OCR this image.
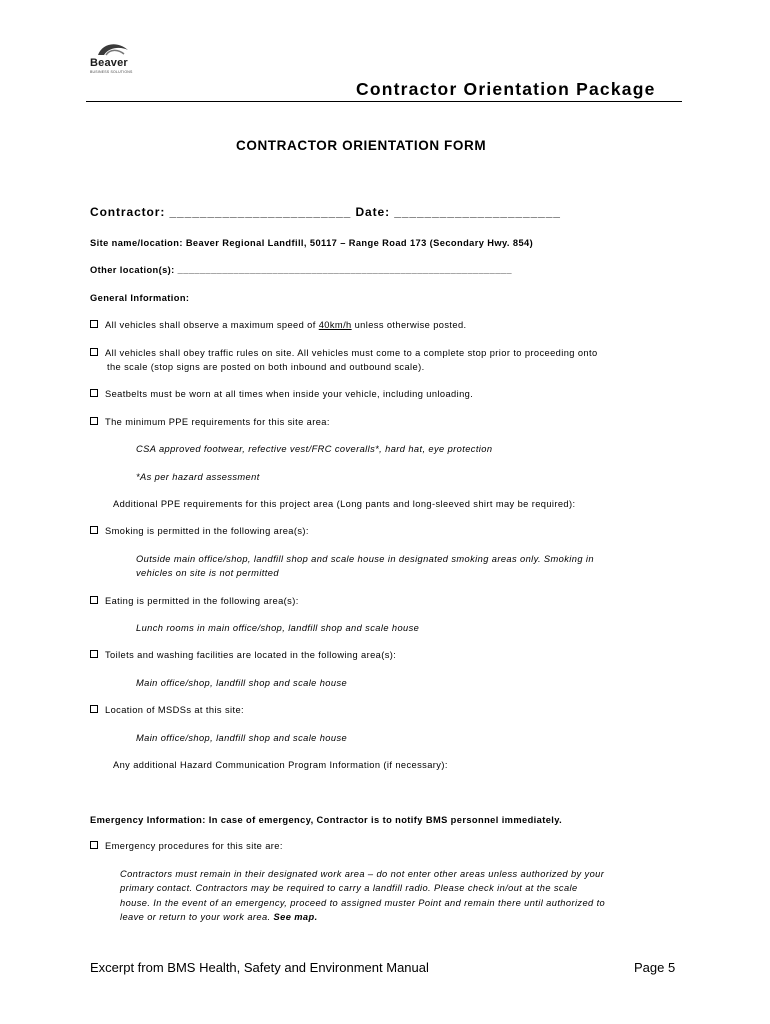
Beaver
BUSINESS SOLUTIONS
Contractor Orientation Package
CONTRACTOR ORIENTATION FORM
Contractor: ________________________ Date: ______________________
Site name/location: Beaver Regional Landfill, 50117 – Range Road 173 (Secondary Hwy. 854)
Other location(s): ____________________________________________________________
General Information:
All vehicles shall observe a maximum speed of 40km/h unless otherwise posted.
All vehicles shall obey traffic rules on site. All vehicles must come to a complete stop prior to proceeding onto
the scale (stop signs are posted on both inbound and outbound scale).
Seatbelts must be worn at all times when inside your vehicle, including unloading.
The minimum PPE requirements for this site area:
CSA approved footwear, refective vest/FRC coveralls*, hard hat, eye protection
*As per hazard assessment
Additional PPE requirements for this project area (Long pants and long-sleeved shirt may be required):
Smoking is permitted in the following area(s):
Outside main office/shop, landfill shop and scale house in designated smoking areas only. Smoking in
vehicles on site is not permitted
Eating is permitted in the following area(s):
Lunch rooms in main office/shop, landfill shop and scale house
Toilets and washing facilities are located in the following area(s):
Main office/shop, landfill shop and scale house
Location of MSDSs at this site:
Main office/shop, landfill shop and scale house
Any additional Hazard Communication Program Information (if necessary):
Emergency Information: In case of emergency, Contractor is to notify BMS personnel immediately.
Emergency procedures for this site are:
Contractors must remain in their designated work area – do not enter other areas unless authorized by your
primary contact. Contractors may be required to carry a landfill radio. Please check in/out at the scale
house. In the event of an emergency, proceed to assigned muster Point and remain there until authorized to
leave or return to your work area. See map.
Excerpt from BMS Health, Safety and Environment Manual	Page 5
